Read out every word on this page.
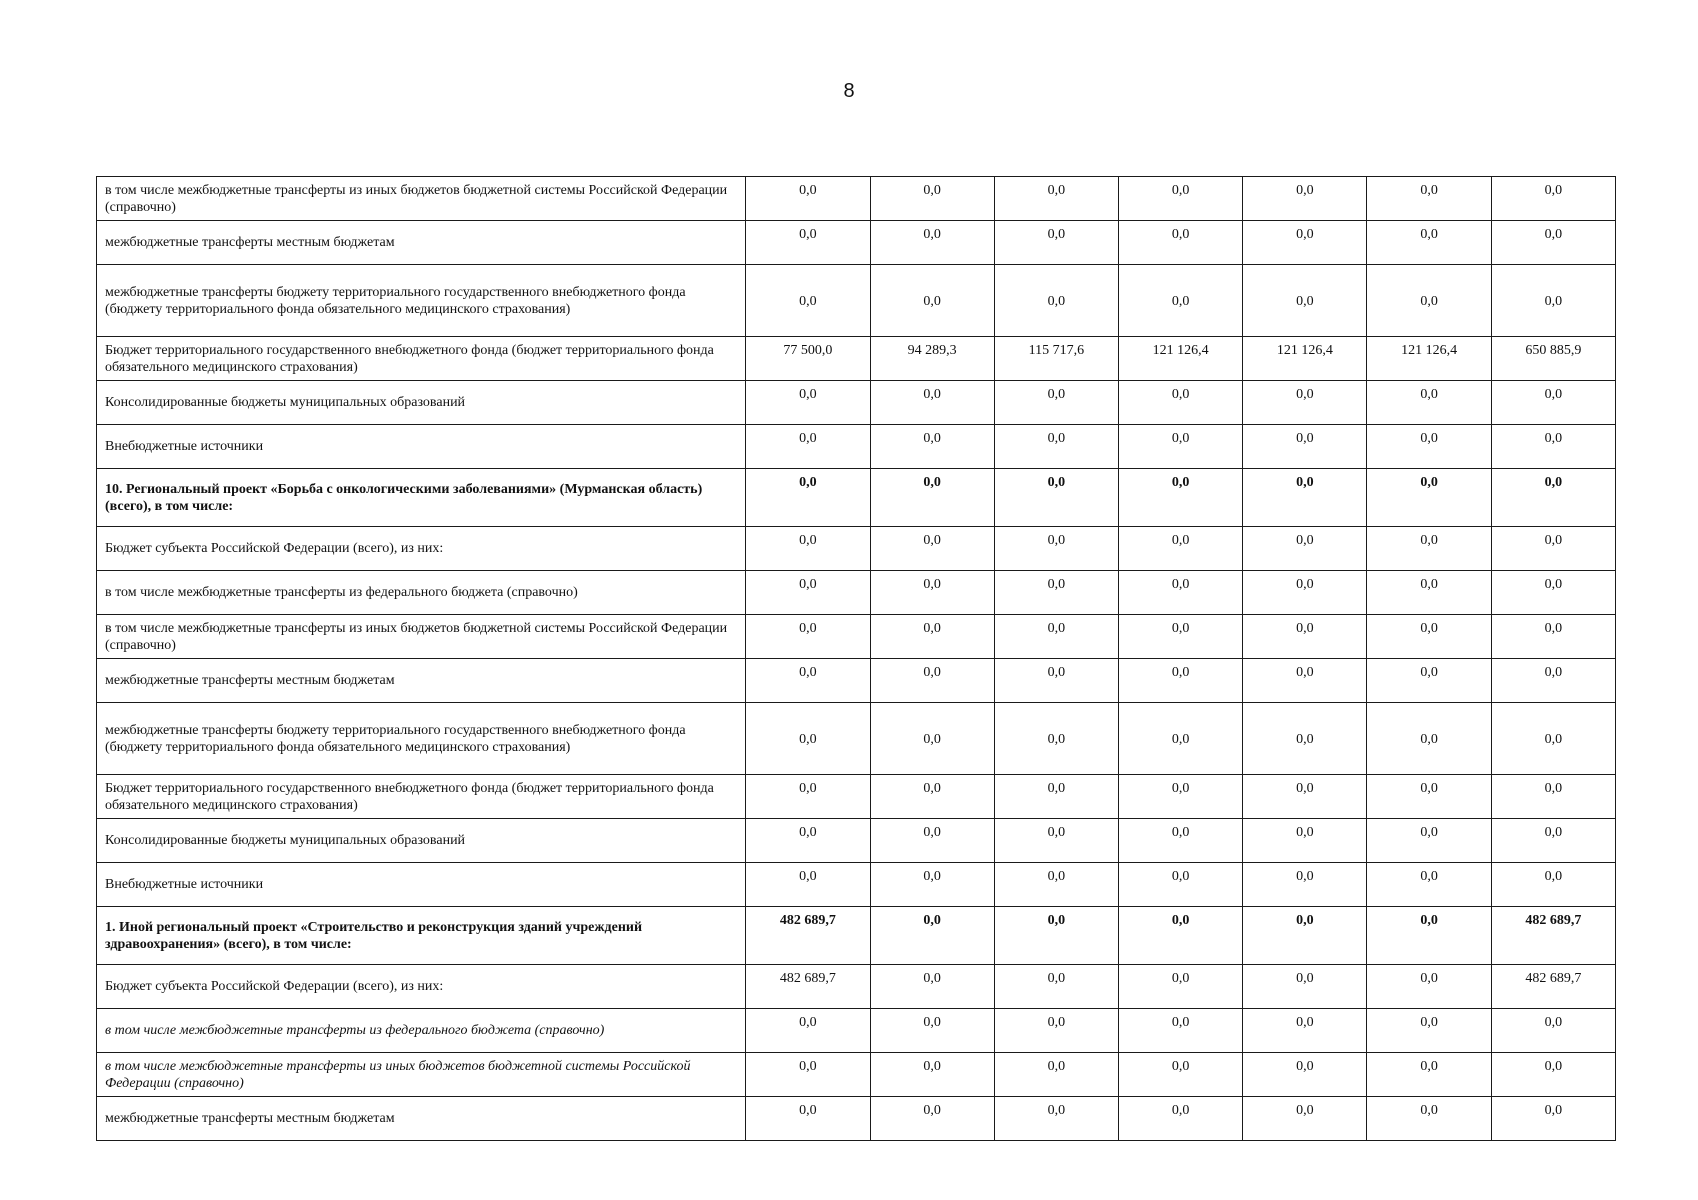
8
в том числе межбюджетные трансферты из иных бюджетов бюджетной системы Российской Федерации (справочно)	0,0	0,0	0,0	0,0	0,0	0,0	0,0
межбюджетные трансферты местным бюджетам	0,0	0,0	0,0	0,0	0,0	0,0	0,0
межбюджетные трансферты бюджету территориального государственного внебюджетного фонда (бюджету территориального фонда обязательного медицинского страхования)	0,0	0,0	0,0	0,0	0,0	0,0	0,0
Бюджет территориального государственного внебюджетного фонда (бюджет территориального фонда обязательного медицинского страхования)	77 500,0	94 289,3	115 717,6	121 126,4	121 126,4	121 126,4	650 885,9
Консолидированные бюджеты муниципальных образований	0,0	0,0	0,0	0,0	0,0	0,0	0,0
Внебюджетные источники	0,0	0,0	0,0	0,0	0,0	0,0	0,0
10. Региональный проект «Борьба с онкологическими заболеваниями» (Мурманская область) (всего), в том числе:	0,0	0,0	0,0	0,0	0,0	0,0	0,0
Бюджет субъекта Российской Федерации (всего), из них:	0,0	0,0	0,0	0,0	0,0	0,0	0,0
в том числе межбюджетные трансферты из федерального бюджета (справочно)	0,0	0,0	0,0	0,0	0,0	0,0	0,0
в том числе межбюджетные трансферты из иных бюджетов бюджетной системы Российской Федерации (справочно)	0,0	0,0	0,0	0,0	0,0	0,0	0,0
межбюджетные трансферты местным бюджетам	0,0	0,0	0,0	0,0	0,0	0,0	0,0
межбюджетные трансферты бюджету территориального государственного внебюджетного фонда (бюджету территориального фонда обязательного медицинского страхования)	0,0	0,0	0,0	0,0	0,0	0,0	0,0
Бюджет территориального государственного внебюджетного фонда (бюджет территориального фонда обязательного медицинского страхования)	0,0	0,0	0,0	0,0	0,0	0,0	0,0
Консолидированные бюджеты муниципальных образований	0,0	0,0	0,0	0,0	0,0	0,0	0,0
Внебюджетные источники	0,0	0,0	0,0	0,0	0,0	0,0	0,0
1. Иной региональный проект «Строительство и реконструкция зданий учреждений здравоохранения» (всего), в том числе:	482 689,7	0,0	0,0	0,0	0,0	0,0	482 689,7
Бюджет субъекта Российской Федерации (всего), из них:	482 689,7	0,0	0,0	0,0	0,0	0,0	482 689,7
в том числе межбюджетные трансферты из федерального бюджета (справочно)	0,0	0,0	0,0	0,0	0,0	0,0	0,0
в том числе межбюджетные трансферты из иных бюджетов бюджетной системы Российской Федерации (справочно)	0,0	0,0	0,0	0,0	0,0	0,0	0,0
межбюджетные трансферты местным бюджетам	0,0	0,0	0,0	0,0	0,0	0,0	0,0
